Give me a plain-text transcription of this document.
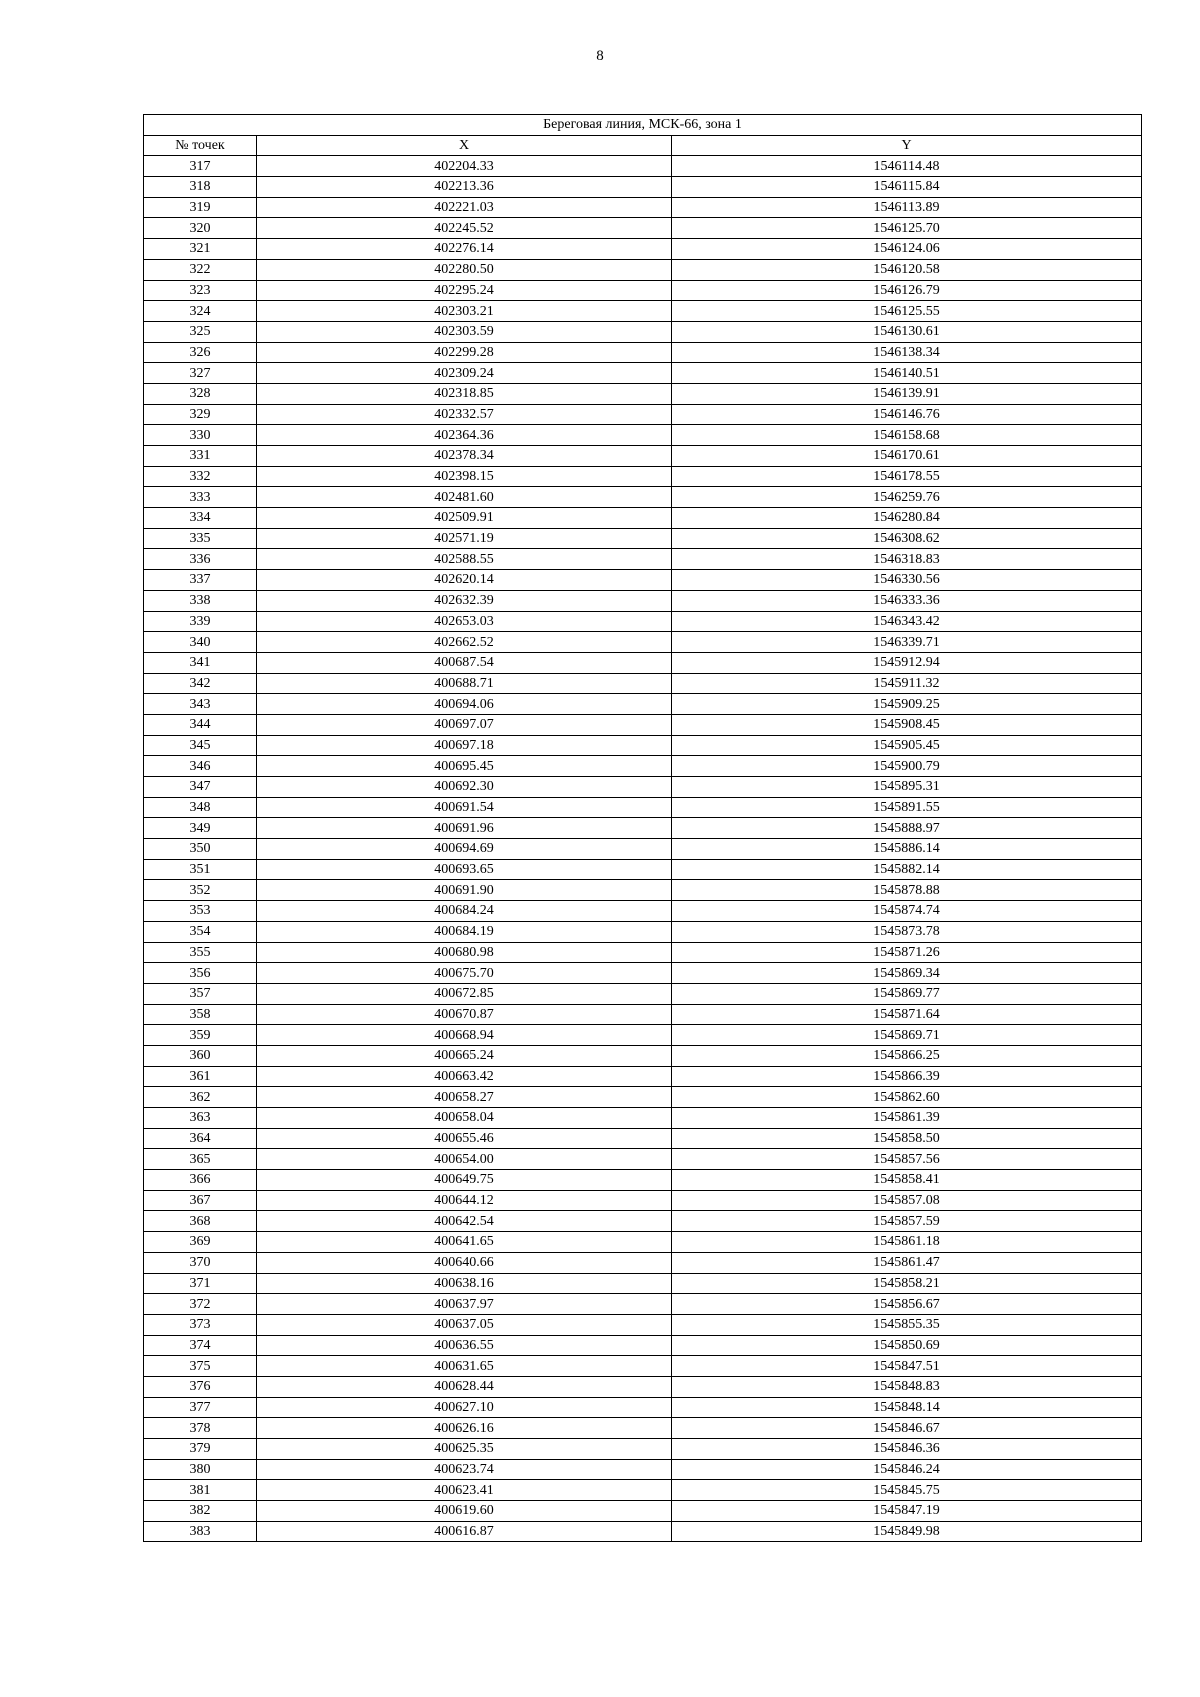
8
Береговая линия, МСК-66, зона 1		
№ точек	X	Y
317	402204.33	1546114.48
318	402213.36	1546115.84
319	402221.03	1546113.89
320	402245.52	1546125.70
321	402276.14	1546124.06
322	402280.50	1546120.58
323	402295.24	1546126.79
324	402303.21	1546125.55
325	402303.59	1546130.61
326	402299.28	1546138.34
327	402309.24	1546140.51
328	402318.85	1546139.91
329	402332.57	1546146.76
330	402364.36	1546158.68
331	402378.34	1546170.61
332	402398.15	1546178.55
333	402481.60	1546259.76
334	402509.91	1546280.84
335	402571.19	1546308.62
336	402588.55	1546318.83
337	402620.14	1546330.56
338	402632.39	1546333.36
339	402653.03	1546343.42
340	402662.52	1546339.71
341	400687.54	1545912.94
342	400688.71	1545911.32
343	400694.06	1545909.25
344	400697.07	1545908.45
345	400697.18	1545905.45
346	400695.45	1545900.79
347	400692.30	1545895.31
348	400691.54	1545891.55
349	400691.96	1545888.97
350	400694.69	1545886.14
351	400693.65	1545882.14
352	400691.90	1545878.88
353	400684.24	1545874.74
354	400684.19	1545873.78
355	400680.98	1545871.26
356	400675.70	1545869.34
357	400672.85	1545869.77
358	400670.87	1545871.64
359	400668.94	1545869.71
360	400665.24	1545866.25
361	400663.42	1545866.39
362	400658.27	1545862.60
363	400658.04	1545861.39
364	400655.46	1545858.50
365	400654.00	1545857.56
366	400649.75	1545858.41
367	400644.12	1545857.08
368	400642.54	1545857.59
369	400641.65	1545861.18
370	400640.66	1545861.47
371	400638.16	1545858.21
372	400637.97	1545856.67
373	400637.05	1545855.35
374	400636.55	1545850.69
375	400631.65	1545847.51
376	400628.44	1545848.83
377	400627.10	1545848.14
378	400626.16	1545846.67
379	400625.35	1545846.36
380	400623.74	1545846.24
381	400623.41	1545845.75
382	400619.60	1545847.19
383	400616.87	1545849.98
